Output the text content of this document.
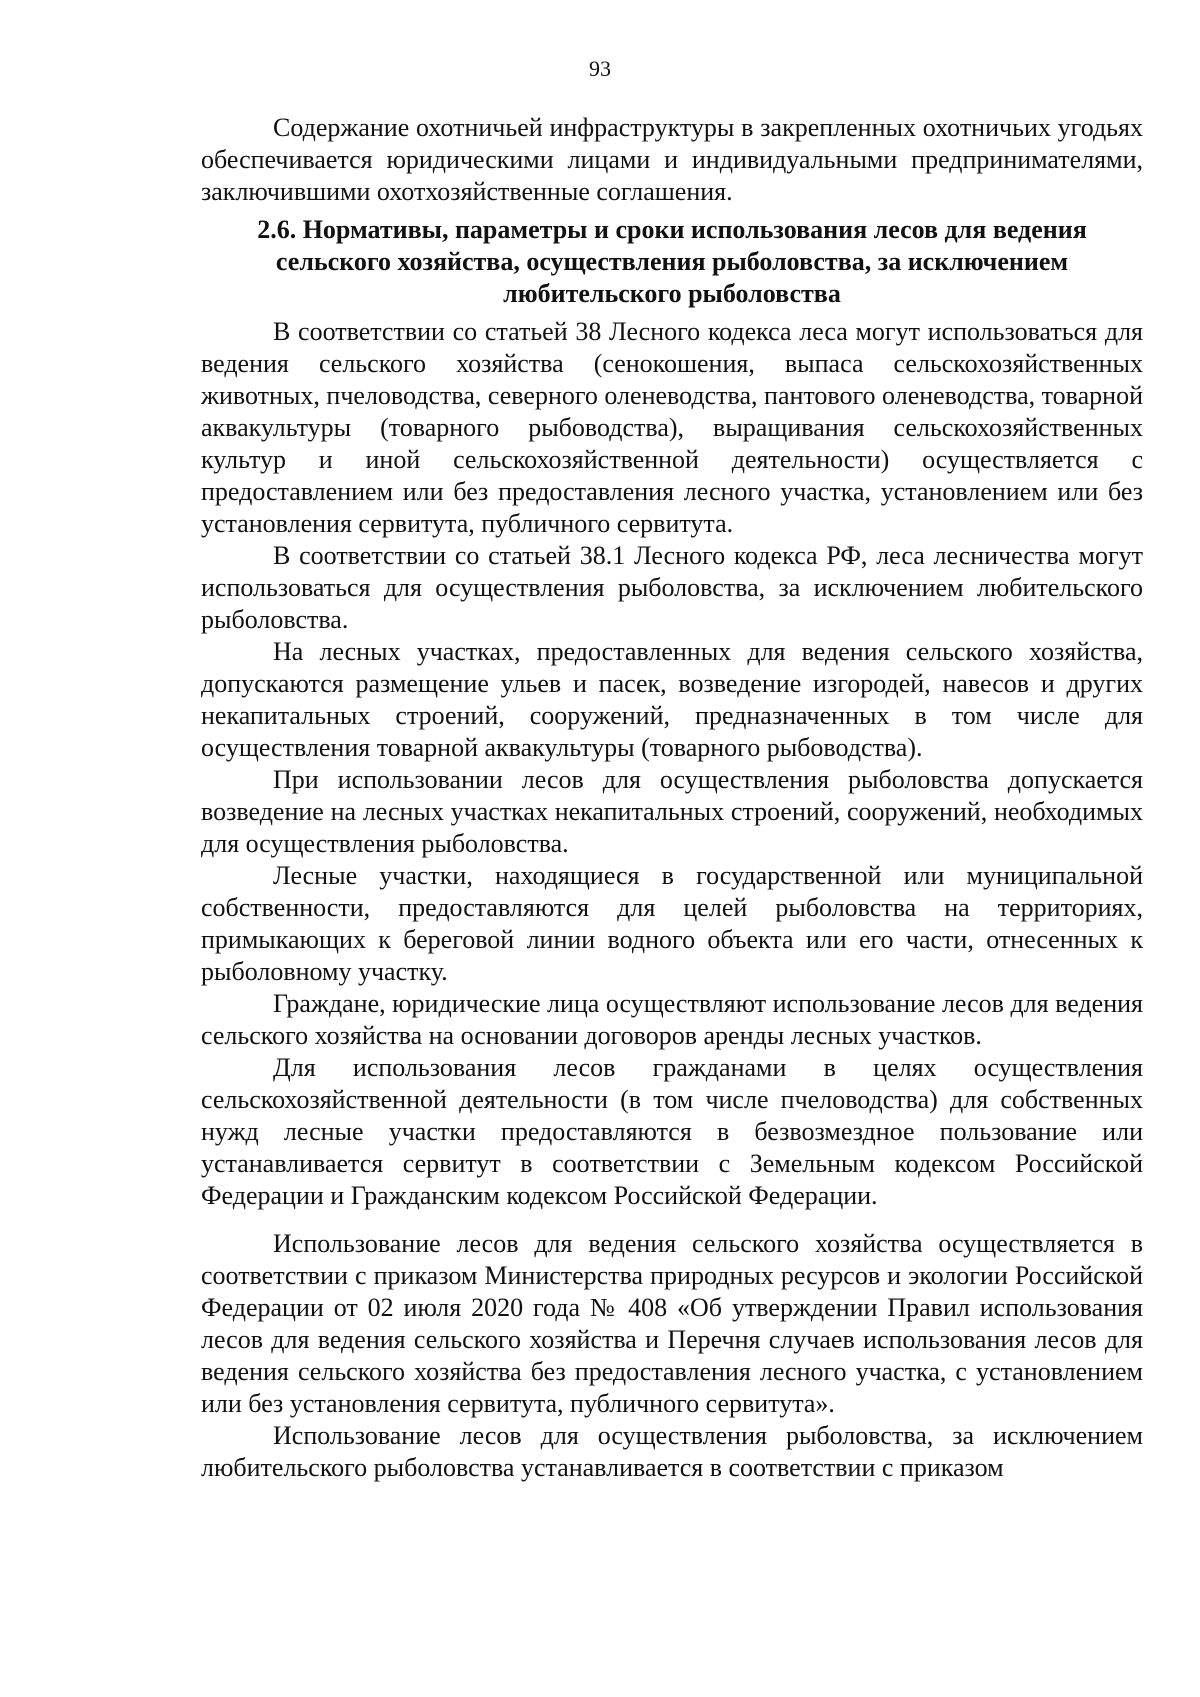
93

Содержание охотничьей инфраструктуры в закрепленных охотничьих угодьях обеспечивается юридическими лицами и индивидуальными предпринимателями, заключившими охотхозяйственные соглашения.

2.6. Нормативы, параметры и сроки использования лесов для ведения
сельского хозяйства, осуществления рыболовства, за исключением
любительского рыболовства

В соответствии со статьей 38 Лесного кодекса леса могут использоваться для ведения сельского хозяйства (сенокошения, выпаса сельскохозяйственных животных, пчеловодства, северного оленеводства, пантового оленеводства, товарной аквакультуры (товарного рыбоводства), выращивания сельскохозяйственных культур и иной сельскохозяйственной деятельности) осуществляется с предоставлением или без предоставления лесного участка, установлением или без установления сервитута, публичного сервитута.

В соответствии со статьей 38.1 Лесного кодекса РФ, леса лесничества могут использоваться для осуществления рыболовства, за исключением любительского рыболовства.

На лесных участках, предоставленных для ведения сельского хозяйства, допускаются размещение ульев и пасек, возведение изгородей, навесов и других некапитальных строений, сооружений, предназначенных в том числе для осуществления товарной аквакультуры (товарного рыбоводства).

При использовании лесов для осуществления рыболовства допускается возведение на лесных участках некапитальных строений, сооружений, необходимых для осуществления рыболовства.

Лесные участки, находящиеся в государственной или муниципальной собственности, предоставляются для целей рыболовства на территориях, примыкающих к береговой линии водного объекта или его части, отнесенных к рыболовному участку.

Граждане, юридические лица осуществляют использование лесов для ведения сельского хозяйства на основании договоров аренды лесных участков.

Для использования лесов гражданами в целях осуществления сельскохозяйственной деятельности (в том числе пчеловодства) для собственных нужд лесные участки предоставляются в безвозмездное пользование или устанавливается сервитут в соответствии с Земельным кодексом Российской Федерации и Гражданским кодексом Российской Федерации.

Использование лесов для ведения сельского хозяйства осуществляется в соответствии с приказом Министерства природных ресурсов и экологии Российской Федерации от 02 июля 2020 года № 408 «Об утверждении Правил использования лесов для ведения сельского хозяйства и Перечня случаев использования лесов для ведения сельского хозяйства без предоставления лесного участка, с установлением или без установления сервитута, публичного сервитута».

Использование лесов для осуществления рыболовства, за исключением любительского рыболовства устанавливается в соответствии с приказом
